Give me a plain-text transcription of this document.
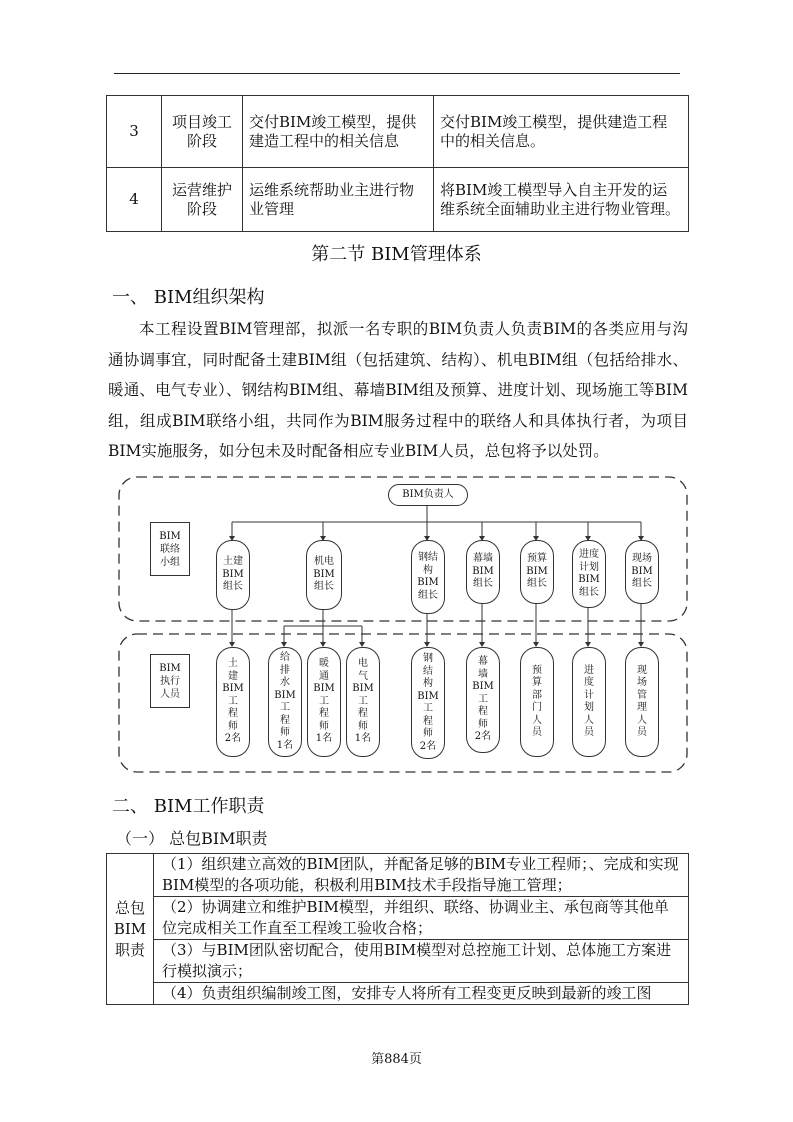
3	项目竣工阶段	交付BIM竣工模型，提供建造工程中的相关信息	交付BIM竣工模型，提供建造工程中的相关信息。
4	运营维护阶段	运维系统帮助业主进行物业管理	将BIM竣工模型导入自主开发的运维系统全面辅助业主进行物业管理。
第二节 BIM管理体系
一、 BIM组织架构
本工程设置BIM管理部，拟派一名专职的BIM负责人负责BIM的各类应用与沟通协调事宜，同时配备土建BIM组（包括建筑、结构）、机电BIM组（包括给排水、暖通、电气专业）、钢结构BIM组、幕墙BIM组及预算、进度计划、现场施工等BIM组，组成BIM联络小组，共同作为BIM服务过程中的联络人和具体执行者，为项目BIM实施服务，如分包未及时配备相应专业BIM人员，总包将予以处罚。
BIM负责人
BIM
联络
小组
BIM
执行
人员
土建
BIM
组长
机电
BIM
组长
钢结
构
BIM
组长
幕墙
BIM
组长
预算
BIM
组长
进度
计划
BIM
组长
现场
BIM
组长
土
建
BIM
工
程
师
2名
给
排
水
BIM
工
程
师
1名
暖
通
BIM
工
程
师
1名
电
气
BIM
工
程
师
1名
钢
结
构
BIM
工
程
师
2名
幕
墙
BIM
工
程
师
2名
预
算
部
门
人
员
进
度
计
划
人
员
现
场
管
理
人
员
二、 BIM工作职责
（一） 总包BIM职责
总包
BIM
职责	（1）组织建立高效的BIM团队，并配备足够的BIM专业工程师；、完成和实现BIM模型的各项功能，积极利用BIM技术手段指导施工管理；
（2）协调建立和维护BIM模型，并组织、联络、协调业主、承包商等其他单位完成相关工作直至工程竣工验收合格；
（3）与BIM团队密切配合，使用BIM模型对总控施工计划、总体施工方案进行模拟演示；
（4）负责组织编制竣工图，安排专人将所有工程变更反映到最新的竣工图
第884页
